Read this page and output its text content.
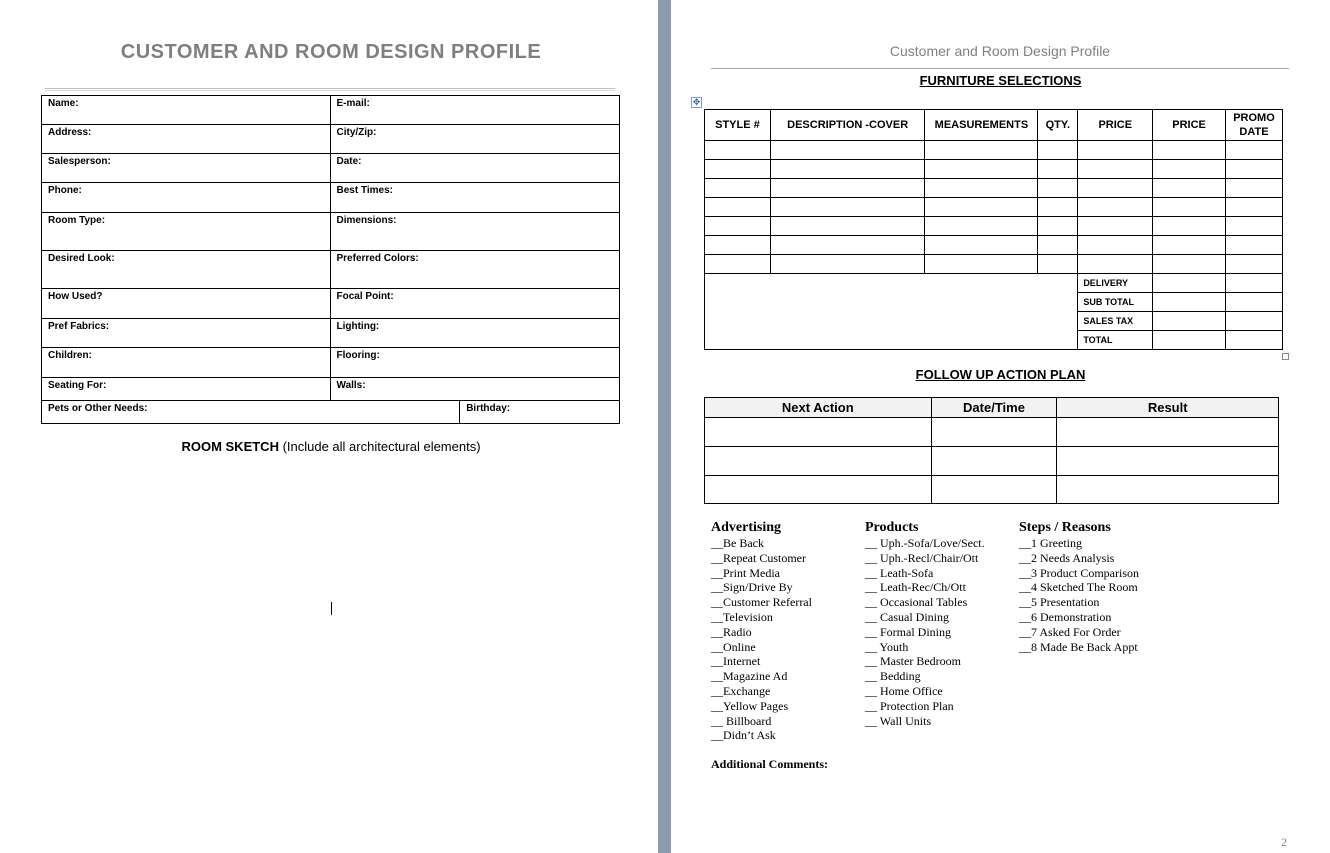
CUSTOMER AND ROOM DESIGN PROFILE
Name:	E-mail:	
Address:	City/Zip:	
Salesperson:	Date:	
Phone:	Best Times:	
Room Type:	Dimensions:	
Desired Look:	Preferred Colors:	
How Used?	Focal Point:	
Pref Fabrics:	Lighting:	
Children:	Flooring:	
Seating For:	Walls:	
Pets or Other Needs:		Birthday:
ROOM SKETCH (Include all architectural elements)
Customer and Room Design Profile
FURNITURE SELECTIONS
✥
STYLE #	DESCRIPTION -COVER	MEASUREMENTS	QTY.	PRICE	PRICE	PROMO DATE

				DELIVERY		
				SUB TOTAL		
				SALES TAX		
				TOTAL		
FOLLOW UP ACTION PLAN
Next Action	Date/Time	Result

Advertising
__Be Back
__Repeat Customer
__Print Media
__Sign/Drive By
__Customer Referral
__Television
__Radio
__Online
__Internet
__Magazine Ad
__Exchange
__Yellow Pages
__ Billboard
__Didn’t Ask
Products
__ Uph.-Sofa/Love/Sect.
__ Uph.-Recl/Chair/Ott
__ Leath-Sofa
__ Leath-Rec/Ch/Ott
__ Occasional Tables
__ Casual Dining
__ Formal Dining
__ Youth
__ Master Bedroom
__ Bedding
__ Home Office
__ Protection Plan
__ Wall Units
Steps / Reasons
__1 Greeting
__2 Needs Analysis
__3 Product Comparison
__4 Sketched The Room
__5 Presentation
__6 Demonstration
__7 Asked For Order
__8 Made Be Back Appt
Additional Comments:
2
